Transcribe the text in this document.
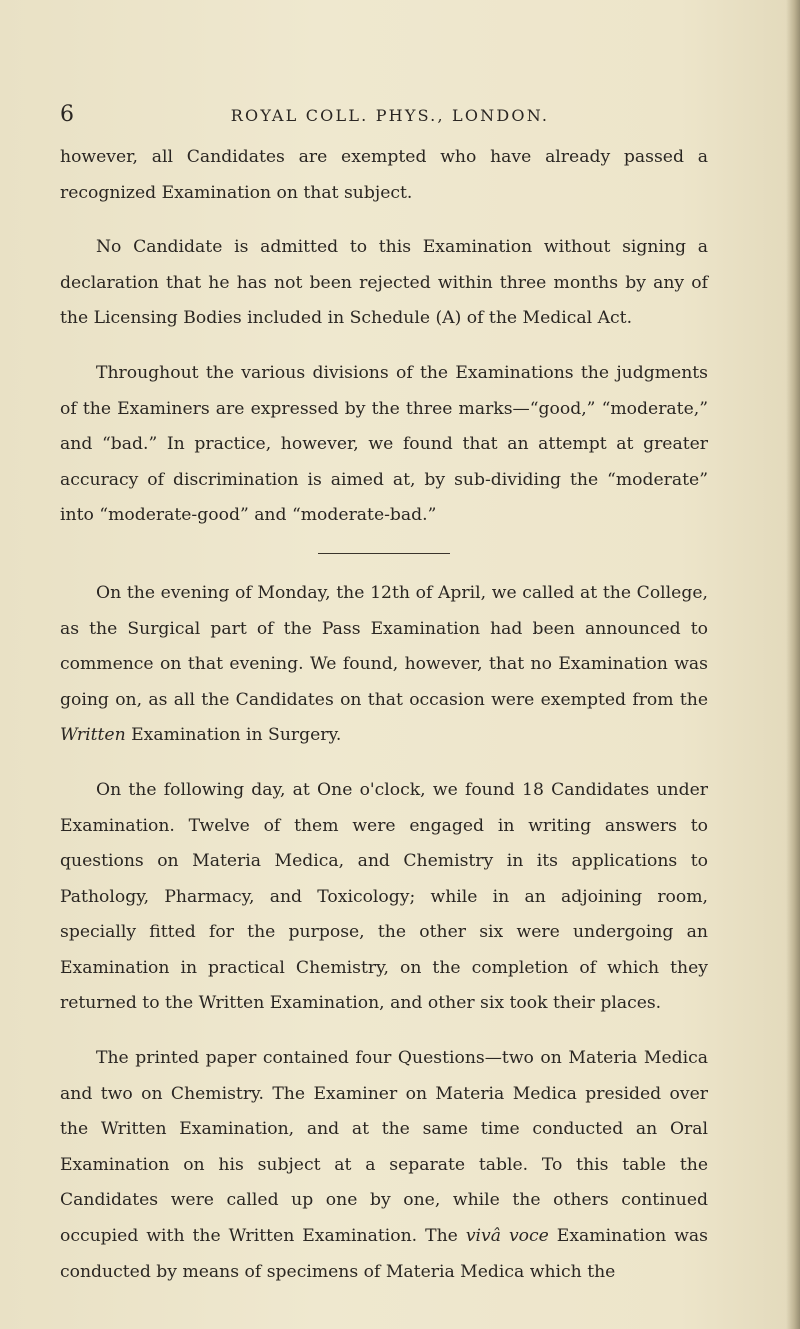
6	ROYAL COLL. PHYS., LONDON.

however, all Candidates are exempted who have already passed a recognized Examination on that subject.

No Candidate is admitted to this Examination without signing a declaration that he has not been rejected within three months by any of the Licensing Bodies included in Schedule (A) of the Medical Act.

Throughout the various divisions of the Examinations the judgments of the Examiners are expressed by the three marks—“good,” “moderate,” and “bad.” In practice, however, we found that an attempt at greater accuracy of discrimination is aimed at, by sub-dividing the “moderate” into “moderate-good” and “moderate-bad.”

On the evening of Monday, the 12th of April, we called at the College, as the Surgical part of the Pass Examination had been announced to commence on that evening. We found, however, that no Examination was going on, as all the Candidates on that occasion were exempted from the Written Examination in Surgery.

On the following day, at One o'clock, we found 18 Candidates under Examination. Twelve of them were engaged in writing answers to questions on Materia Medica, and Chemistry in its applications to Pathology, Pharmacy, and Toxicology; while in an adjoining room, specially fitted for the purpose, the other six were undergoing an Examination in practical Chemistry, on the completion of which they returned to the Written Examination, and other six took their places.

The printed paper contained four Questions—two on Materia Medica and two on Chemistry. The Examiner on Materia Medica presided over the Written Examination, and at the same time conducted an Oral Examination on his subject at a separate table. To this table the Candidates were called up one by one, while the others continued occupied with the Written Examination. The vivâ voce Examination was conducted by means of specimens of Materia Medica which the
